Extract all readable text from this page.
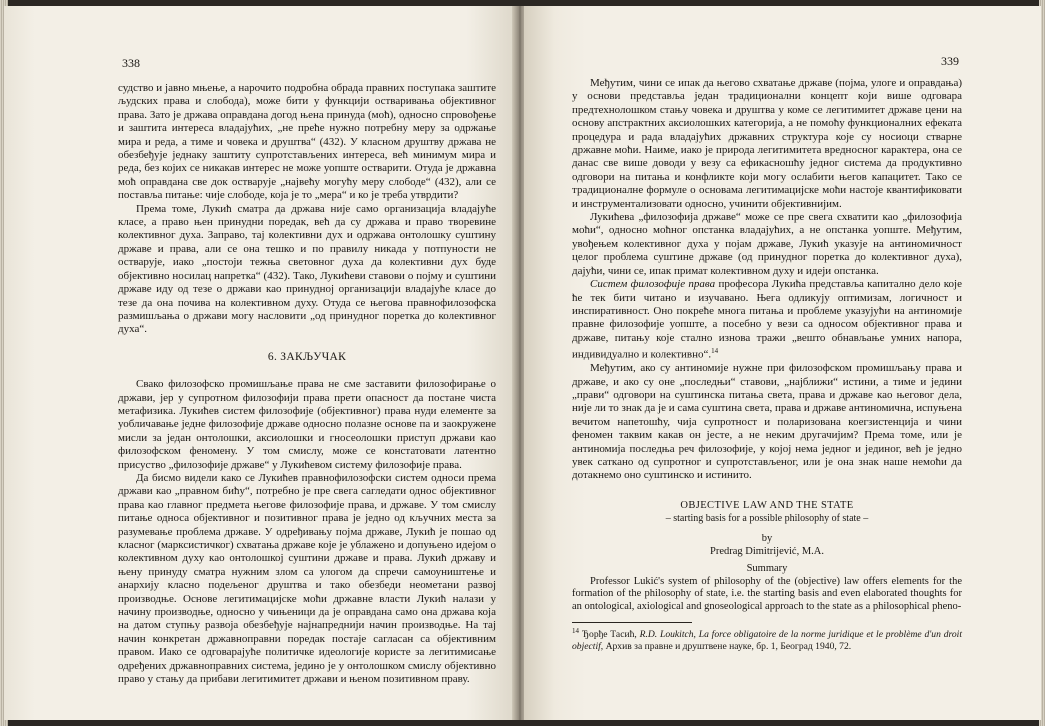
338

судство и јавно мњење, а нарочито подробна обрада правних поступака заштите људских права и слобода), може бити у функцији остваривања објективног права. Зато је држава оправдана догод њена принуда (моћ), односно спровођење и заштита интереса владајућих, „не преће нужно потребну меру за одржање мира и реда, а тиме и човека и друштва“ (432). У класном друштву држава не обезбеђује једнаку заштиту супротстављених интереса, већ минимум мира и реда, без којих се никакав интерес не може уопште остварити. Отуда је државна моћ оправдана све док остварује „највећу могућу меру слободе“ (432), али се поставља питање: чије слободе, која је то „мера“ и ко је треба утврдити?

Према томе, Лукић сматра да држава није само организација владајуће класе, а право њен принудни поредак, већ да су држава и право творевине колективног духа. Заправо, тај колективни дух и одржава онтолошку суштину државе и права, али се она тешко и по правилу никада у потпуности не остварује, иако „постоји тежња световног духа да колективни дух буде објективно носилац напретка“ (432). Тако, Лукићеви ставови о појму и суштини државе иду од тезе о држави као принудној организацији владајуће класе до тезе да она почива на колективном духу. Отуда се његова правнофилозофска размишљања о држави могу насловити „од принудног поретка до колективног духа“.

6. ЗАКЉУЧАК

Свако филозофско промишљање права не сме заставити филозофирање о држави, јер у супротном филозофији права прети опасност да постане чиста метафизика. Лукићев систем филозофије (објективног) права нуди елементе за уобличавање једне филозофије државе односно полазне основе па и заокружене мисли за један онтолошки, аксиолошки и гносеолошки приступ држави као филозофском феномену. У том смислу, може се констатовати латентно присуство „филозофије државе“ у Лукићевом систему филозофије права.

Да бисмо видели како се Лукићев правнофилозофски систем односи према држави као „правном бићу“, потребно је пре свега сагледати однос објективног права као главног предмета његове филозофије права, и државе. У том смислу питање односа објективног и позитивног права је једно од кључних места за разумевање проблема државе. У одређивању појма државе, Лукић је пошао од класног (марксистичког) схватања државе које је ублажено и допуњено идејом о колективном духу као онтолошкој суштини државе и права. Лукић државу и њену принуду сматра нужним злом са улогом да спречи самоуништење и анархију класно подељеног друштва и тако обезбеди неометани развој производње. Основе легитимацијске моћи државне власти Лукић налази у начину производње, односно у чињеници да је оправдана само она држава која на датом ступњу развоја обезбеђује најнапреднији начин производње. На тај начин конкретан државноправни поредак постаје сагласан са објективним правом. Иако се одговарајуће политичке идеологије користе за легитимисање одређених државноправних система, једино је у онтолошком смислу објективно право у стању да прибави легитимитет држави и њеном позитивном праву.

339

Међутим, чини се ипак да његово схватање државе (појма, улоге и оправдања) у основи представља један традиционални концепт који више одговара предтехнолошком стању човека и друштва у коме се легитимитет државе цени на основу апстрактних аксиолошких категорија, а не помоћу функционалних ефеката процедура и рада владајућих државних структура које су носиоци стварне државне моћи. Наиме, иако је природа легитимитета вредносног карактера, она се данас све више доводи у везу са ефикасношћу једног система да продуктивно одговори на питања и конфликте који могу ослабити његов капацитет. Тако се традиционалне формуле о основама легитимацијске моћи настоје квантификовати и инструментализовати односно, учинити објективнијим.

Лукићева „филозофија државе“ може се пре свега схватити као „филозофија моћи“, односно моћног опстанка владајућих, а не опстанка уопште. Међутим, увођењем колективног духа у појам државе, Лукић указује на антиномичност целог проблема суштине државе (од принудног поретка до колективног духа), дајући, чини се, ипак примат колективном духу и идеји опстанка.

Систем филозофије права професора Лукића представља капитално дело које ће тек бити читано и изучавано. Њега одликују оптимизам, логичност и инспиративност. Оно покреће многа питања и проблеме указујући на антиномије правне филозофије уопште, а посебно у вези са односом објективног права и државе, питању које стално изнова тражи „вешто обнављање умних напора, индивидуално и колективно“.$^{14}$

Међутим, ако су антиномије нужне при филозофском промишљању права и државе, и ако су оне „последњи“ ставови, „најближи“ истини, а тиме и једини „прави“ одговори на суштинска питања света, права и државе као његовог дела, није ли то знак да је и сама суштина света, права и државе антиномична, испуњена вечитом напетошћу, чија супротност и поларизована коегзистенција и чини феномен таквим какав он јесте, а не неким другачијим? Према томе, или је антиномија последња реч филозофије, у којој нема једног и јединог, већ је једно увек саткано од супротног и супротстављеног, или је она знак наше немоћи да дотакнемо оно суштинско и истинито.

OBJECTIVE LAW AND THE STATE
– starting basis for a possible philosophy of state –
by
Predrag Dimitrijević, M.A.
Summary

Professor Lukić's system of philosophy of the (objective) law offers elements for the formation of the philosophy of state, i.e. the starting basis and even elaborated thoughts for an ontological, axiological and gnoseological approach to the state as a philosophical pheno-

$^{14}$ Ђорђе Тасић, R.D. Loukitch, La force obligatoire de la norme juridique et le problème d'un droit objectif, Архив за правне и друштвене науке, бр. 1, Београд 1940, 72.
